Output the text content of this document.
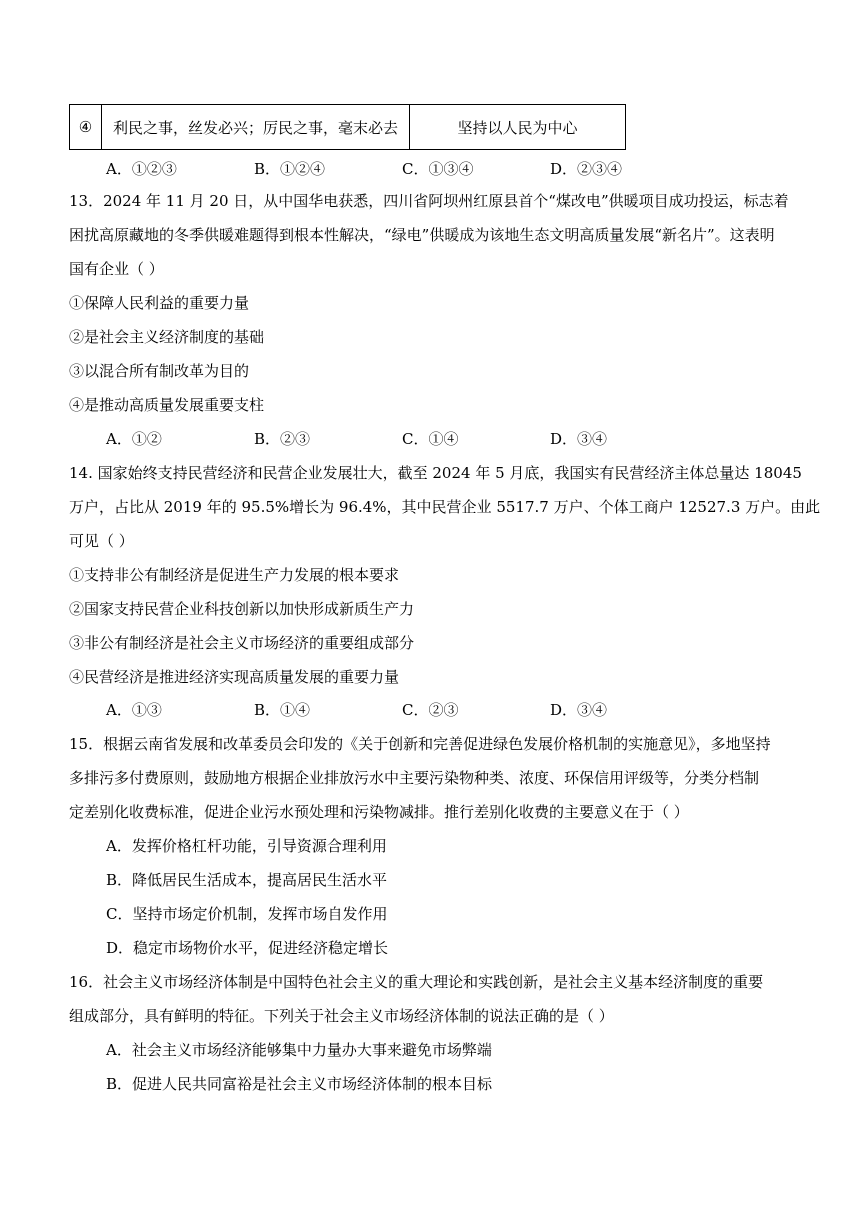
④	利民之事，丝发必兴；厉民之事，毫末必去	坚持以人民为中心
A．①②③	B．①②④	C．①③④	D．②③④
13．2024 年 11 月 20 日，从中国华电获悉，四川省阿坝州红原县首个“煤改电”供暖项目成功投运，标志着
困扰高原藏地的冬季供暖难题得到根本性解决，“绿电”供暖成为该地生态文明高质量发展“新名片”。这表明
国有企业（ ）
①保障人民利益的重要力量
②是社会主义经济制度的基础
③以混合所有制改革为目的
④是推动高质量发展重要支柱
A．①②	B．②③	C．①④	D．③④
14. 国家始终支持民营经济和民营企业发展壮大，截至 2024 年 5 月底，我国实有民营经济主体总量达 18045
万户，占比从 2019 年的 95.5%增长为 96.4%，其中民营企业 5517.7 万户、个体工商户 12527.3 万户。由此
可见（ ）
①支持非公有制经济是促进生产力发展的根本要求
②国家支持民营企业科技创新以加快形成新质生产力
③非公有制经济是社会主义市场经济的重要组成部分
④民营经济是推进经济实现高质量发展的重要力量
A．①③	B．①④	C．②③	D．③④
15．根据云南省发展和改革委员会印发的《关于创新和完善促进绿色发展价格机制的实施意见》，多地坚持
多排污多付费原则，鼓励地方根据企业排放污水中主要污染物种类、浓度、环保信用评级等，分类分档制
定差别化收费标准，促进企业污水预处理和污染物减排。推行差别化收费的主要意义在于（ ）
A．发挥价格杠杆功能，引导资源合理利用
B．降低居民生活成本，提高居民生活水平
C．坚持市场定价机制，发挥市场自发作用
D．稳定市场物价水平，促进经济稳定增长
16．社会主义市场经济体制是中国特色社会主义的重大理论和实践创新，是社会主义基本经济制度的重要
组成部分，具有鲜明的特征。下列关于社会主义市场经济体制的说法正确的是（ ）
A．社会主义市场经济能够集中力量办大事来避免市场弊端
B．促进人民共同富裕是社会主义市场经济体制的根本目标
